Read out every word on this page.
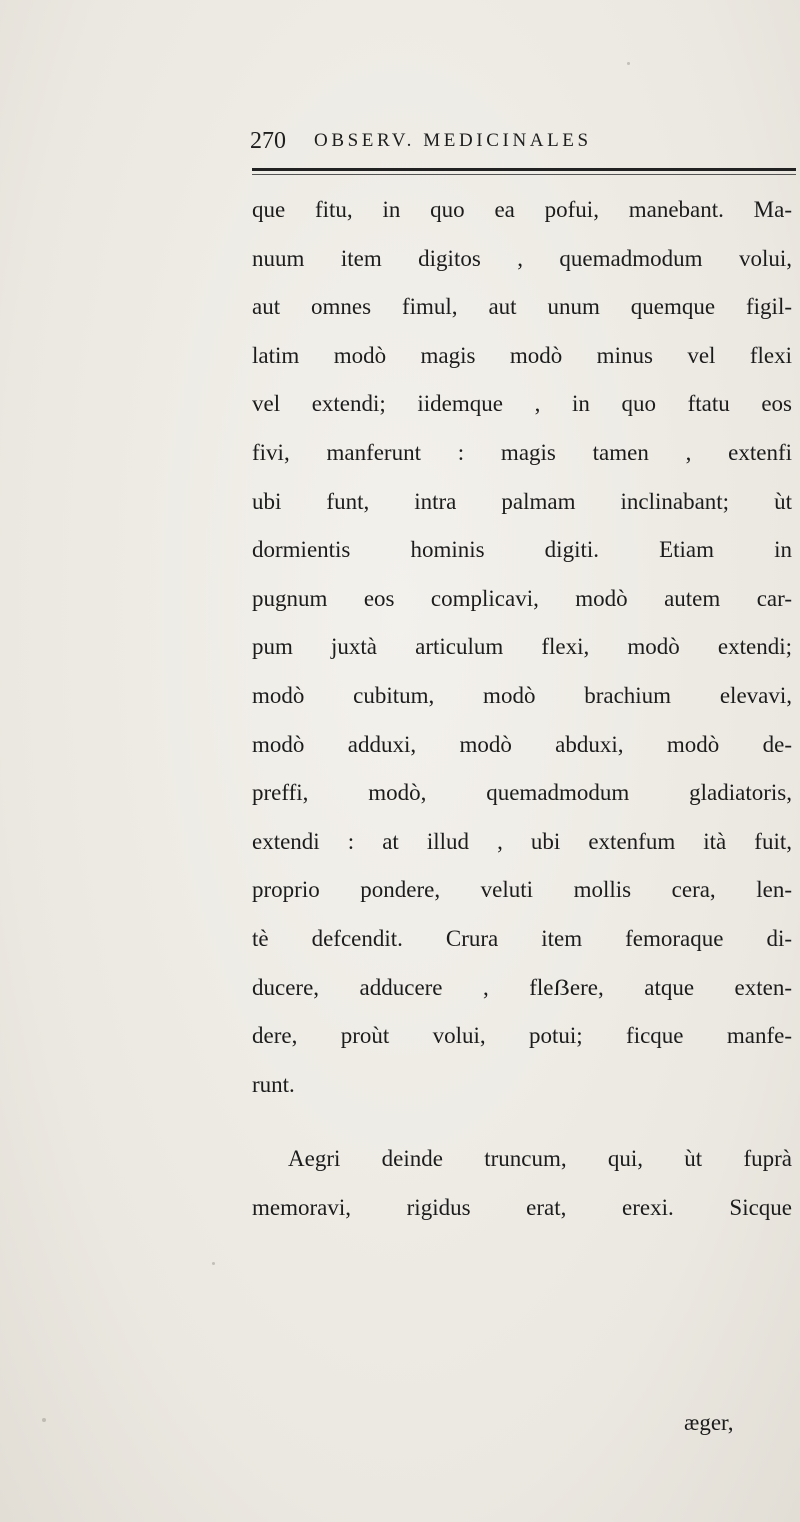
270 OBSERV. MEDICINALES
que fitu, in quo ea pofui, manebant. Ma-
nuum item digitos , quemadmodum volui,
aut omnes fimul, aut unum quemque figil-
latim modò magis modò minus vel flexi
vel extendi; iidemque , in quo ftatu eos
fivi, manferunt : magis tamen , extenfi
ubi funt, intra palmam inclinabant; ùt
dormientis hominis digiti. Etiam in
pugnum eos complicavi, modò autem car-
pum juxtà articulum flexi, modò extendi;
modò cubitum, modò brachium elevavi,
modò adduxi, modò abduxi, modò de-
preffi, modò, quemadmodum gladiatoris,
extendi : at illud , ubi extenfum ità fuit,
proprio pondere, veluti mollis cera, len-
tè defcendit. Crura item femoraque di-
ducere, adducere , fleẞere, atque exten-
dere, proùt volui, potui; ficque manfe-
runt.
Aegri deinde truncum, qui, ùt fuprà
memoravi, rigidus erat, erexi. Sicque
æger,
